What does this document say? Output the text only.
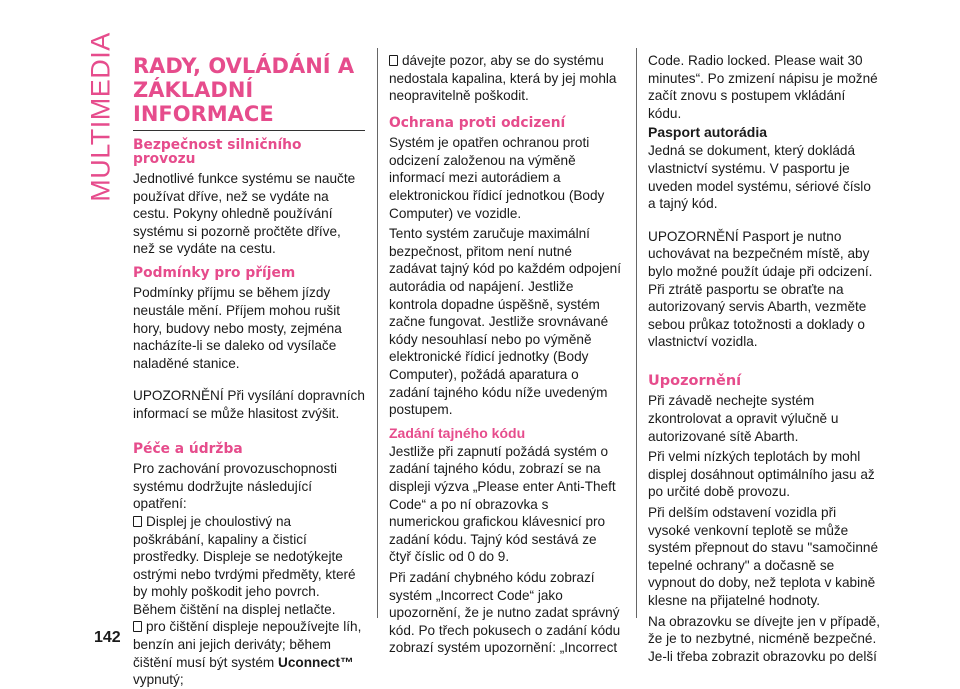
MULTIMEDIA RADY, OVLÁDÁNÍ A ZÁKLADNÍ INFORMACE
Bezpečnost silničního provozu

Jednotlivé funkce systému se naučte používat dříve, než se vydáte na cestu. Pokyny ohledně používání systému si pozorně pročtěte dříve, než se vydáte na cestu.

Podmínky pro příjem

Podmínky příjmu se během jízdy neustále mění. Příjem mohou rušit hory, budovy nebo mosty, zejména nacházíte-li se daleko od vysílače naladěné stanice.

UPOZORNĚNÍ Při vysílání dopravních informací se může hlasitost zvýšit.

Péče a údržba

Pro zachování provozuschopnosti systému dodržujte následující opatření:

Displej je choulostivý na poškrábání, kapaliny a čisticí prostředky. Displeje se nedotýkejte ostrými nebo tvrdými předměty, které by mohly poškodit jeho povrch. Během čištění na displej netlačte.

pro čištění displeje nepoužívejte líh, benzín ani jejich deriváty; během čištění musí být systém Uconnect™ vypnutý;

dávejte pozor, aby se do systému nedostala kapalina, která by jej mohla neopravitelně poškodit.

Ochrana proti odcizení

Systém je opatřen ochranou proti odcizení založenou na výměně informací mezi autorádiem a elektronickou řídicí jednotkou (Body Computer) ve vozidle.

Tento systém zaručuje maximální bezpečnost, přitom není nutné zadávat tajný kód po každém odpojení autorádia od napájení. Jestliže kontrola dopadne úspěšně, systém začne fungovat. Jestliže srovnávané kódy nesouhlasí nebo po výměně elektronické řídicí jednotky (Body Computer), požádá aparatura o zadání tajného kódu níže uvedeným postupem.

Zadání tajného kódu

Jestliže při zapnutí požádá systém o zadání tajného kódu, zobrazí se na displeji výzva „Please enter Anti-Theft Code“ a po ní obrazovka s numerickou grafickou klávesnicí pro zadání kódu. Tajný kód sestává ze čtyř číslic od 0 do 9.

Při zadání chybného kódu zobrazí systém „Incorrect Code“ jako upozornění, že je nutno zadat správný kód. Po třech pokusech o zadání kódu zobrazí systém upozornění: „Incorrect

Code. Radio locked. Please wait 30 minutes“. Po zmizení nápisu je možné začít znovu s postupem vkládání kódu.

Pasport autorádia

Jedná se dokument, který dokládá vlastnictví systému. V pasportu je uveden model systému, sériové číslo a tajný kód.

UPOZORNĚNÍ Pasport je nutno uchovávat na bezpečném místě, aby bylo možné použít údaje při odcizení. Při ztrátě pasportu se obraťte na autorizovaný servis Abarth, vezměte sebou průkaz totožnosti a doklady o vlastnictví vozidla.

Upozornění

Při závadě nechejte systém zkontrolovat a opravit výlučně u autorizované sítě Abarth.

Při velmi nízkých teplotách by mohl displej dosáhnout optimálního jasu až po určité době provozu.

Při delším odstavení vozidla při vysoké venkovní teplotě se může systém přepnout do stavu "samočinné tepelné ochrany" a dočasně se vypnout do doby, než teplota v kabině klesne na přijatelné hodnoty.

Na obrazovku se dívejte jen v případě, že je to nezbytné, nicméně bezpečné. Je-li třeba zobrazit obrazovku po delší

142
